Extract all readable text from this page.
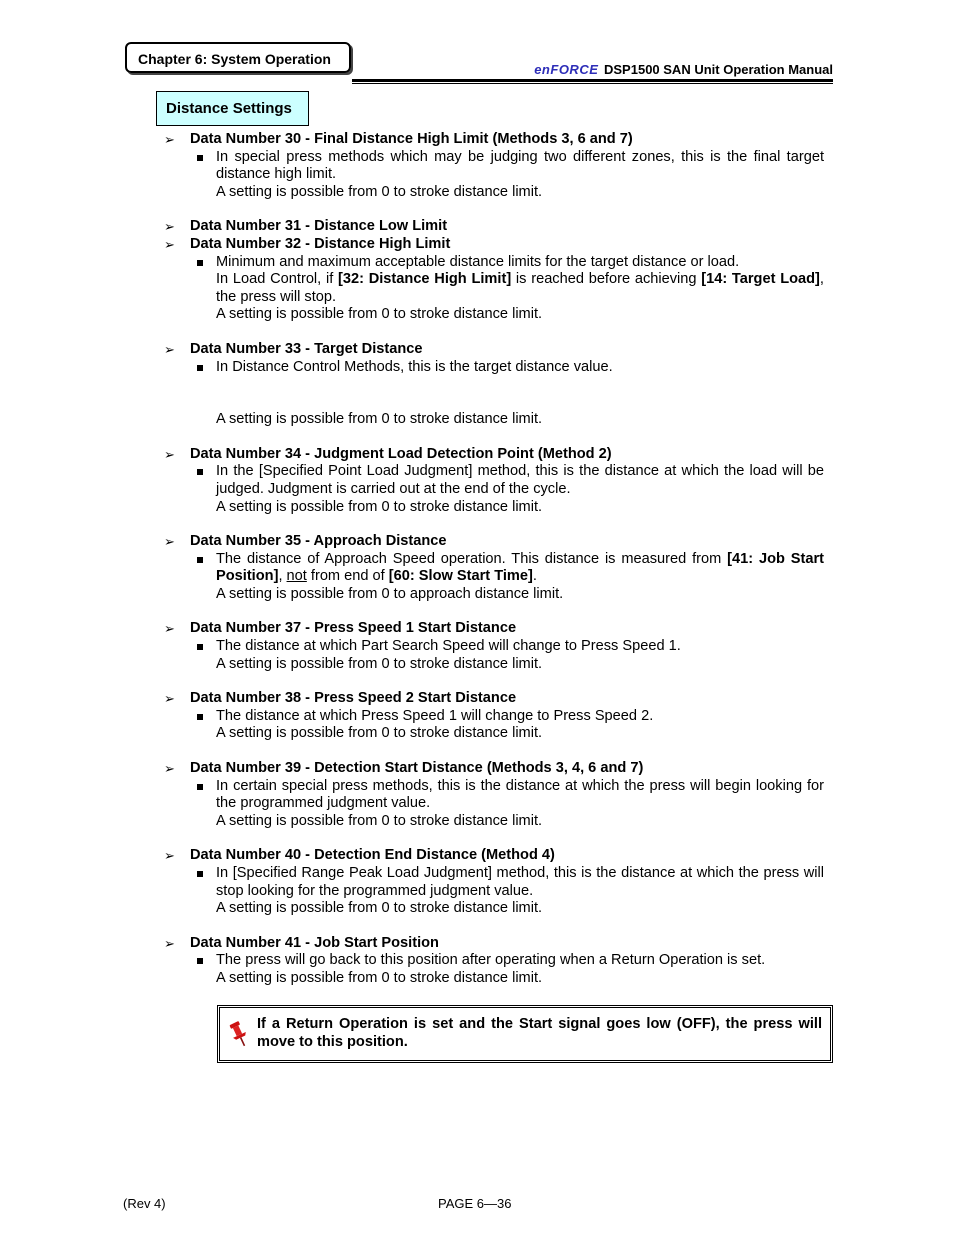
Chapter 6: System Operation
enFORCE DSP1500 SAN Unit Operation Manual
Distance Settings
➢ Data Number 30 - Final Distance High Limit (Methods 3, 6 and 7)
In special press methods which may be judging two different zones, this is the final target distance high limit.
A setting is possible from 0 to stroke distance limit.
➢ Data Number 31 - Distance Low Limit
➢ Data Number 32 - Distance High Limit
Minimum and maximum acceptable distance limits for the target distance or load.
In Load Control, if [32: Distance High Limit] is reached before achieving [14: Target Load], the press will stop.
A setting is possible from 0 to stroke distance limit.
➢ Data Number 33 - Target Distance
In Distance Control Methods, this is the target distance value.
A setting is possible from 0 to stroke distance limit.
➢ Data Number 34 - Judgment Load Detection Point (Method 2)
In the [Specified Point Load Judgment] method, this is the distance at which the load will be judged. Judgment is carried out at the end of the cycle.
A setting is possible from 0 to stroke distance limit.
➢ Data Number 35 - Approach Distance
The distance of Approach Speed operation. This distance is measured from [41: Job Start Position], not from end of [60: Slow Start Time].
A setting is possible from 0 to approach distance limit.
➢ Data Number 37 - Press Speed 1 Start Distance
The distance at which Part Search Speed will change to Press Speed 1.
A setting is possible from 0 to stroke distance limit.
➢ Data Number 38 - Press Speed 2 Start Distance
The distance at which Press Speed 1 will change to Press Speed 2.
A setting is possible from 0 to stroke distance limit.
➢ Data Number 39 - Detection Start Distance (Methods 3, 4, 6 and 7)
In certain special press methods, this is the distance at which the press will begin looking for the programmed judgment value.
A setting is possible from 0 to stroke distance limit.
➢ Data Number 40 - Detection End Distance (Method 4)
In [Specified Range Peak Load Judgment] method, this is the distance at which the press will stop looking for the programmed judgment value.
A setting is possible from 0 to stroke distance limit.
➢ Data Number 41 - Job Start Position
The press will go back to this position after operating when a Return Operation is set.
A setting is possible from 0 to stroke distance limit.
If a Return Operation is set and the Start signal goes low (OFF), the press will move to this position.
(Rev 4)	PAGE 6―36
